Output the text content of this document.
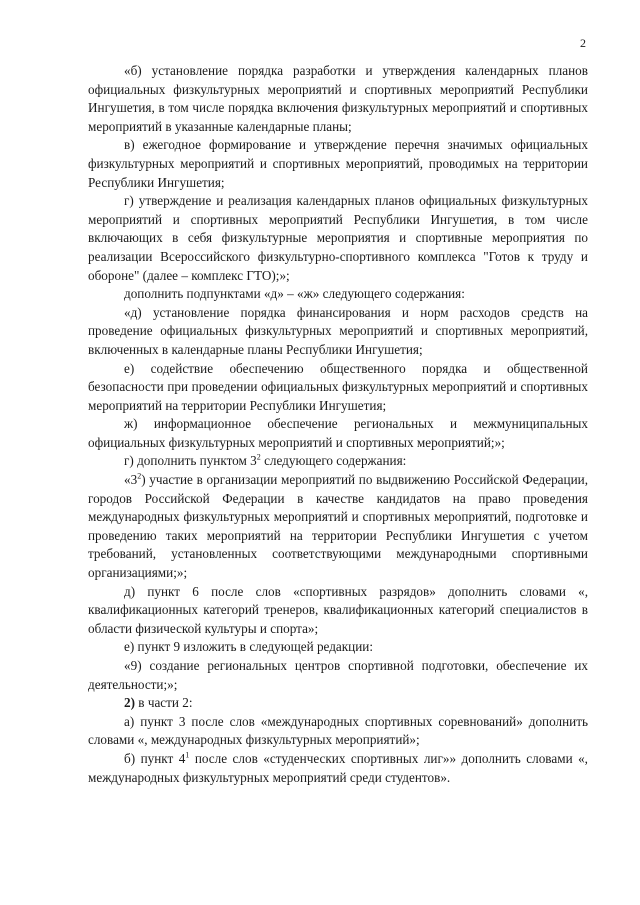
2

«б) установление порядка разработки и утверждения календарных планов официальных физкультурных мероприятий и спортивных мероприятий Республики Ингушетия, в том числе порядка включения физкультурных мероприятий и спортивных мероприятий в указанные календарные планы;

в) ежегодное формирование и утверждение перечня значимых официальных физкультурных мероприятий и спортивных мероприятий, проводимых на территории Республики Ингушетия;

г) утверждение и реализация календарных планов официальных физкультурных мероприятий и спортивных мероприятий Республики Ингушетия, в том числе включающих в себя физкультурные мероприятия и спортивные мероприятия по реализации Всероссийского физкультурно-спортивного комплекса "Готов к труду и обороне" (далее – комплекс ГТО);»;

дополнить подпунктами «д» – «ж» следующего содержания:

«д) установление порядка финансирования и норм расходов средств на проведение официальных физкультурных мероприятий и спортивных мероприятий, включенных в календарные планы Республики Ингушетия;

е) содействие обеспечению общественного порядка и общественной безопасности при проведении официальных физкультурных мероприятий и спортивных мероприятий на территории Республики Ингушетия;

ж) информационное обеспечение региональных и межмуниципальных официальных физкультурных мероприятий и спортивных мероприятий;»;

г) дополнить пунктом $3^2$ следующего содержания:

«$3^2$) участие в организации мероприятий по выдвижению Российской Федерации, городов Российской Федерации в качестве кандидатов на право проведения международных физкультурных мероприятий и спортивных мероприятий, подготовке и проведению таких мероприятий на территории Республики Ингушетия с учетом требований, установленных соответствующими международными спортивными организациями;»;

д) пункт 6 после слов «спортивных разрядов» дополнить словами «, квалификационных категорий тренеров, квалификационных категорий специалистов в области физической культуры и спорта»;

е) пункт 9 изложить в следующей редакции:

«9) создание региональных центров спортивной подготовки, обеспечение их деятельности;»;

2) в части 2:

а) пункт 3 после слов «международных спортивных соревнований» дополнить словами «, международных физкультурных мероприятий»;

б) пункт $4^1$ после слов «студенческих спортивных лиг»» дополнить словами «, международных физкультурных мероприятий среди студентов».
